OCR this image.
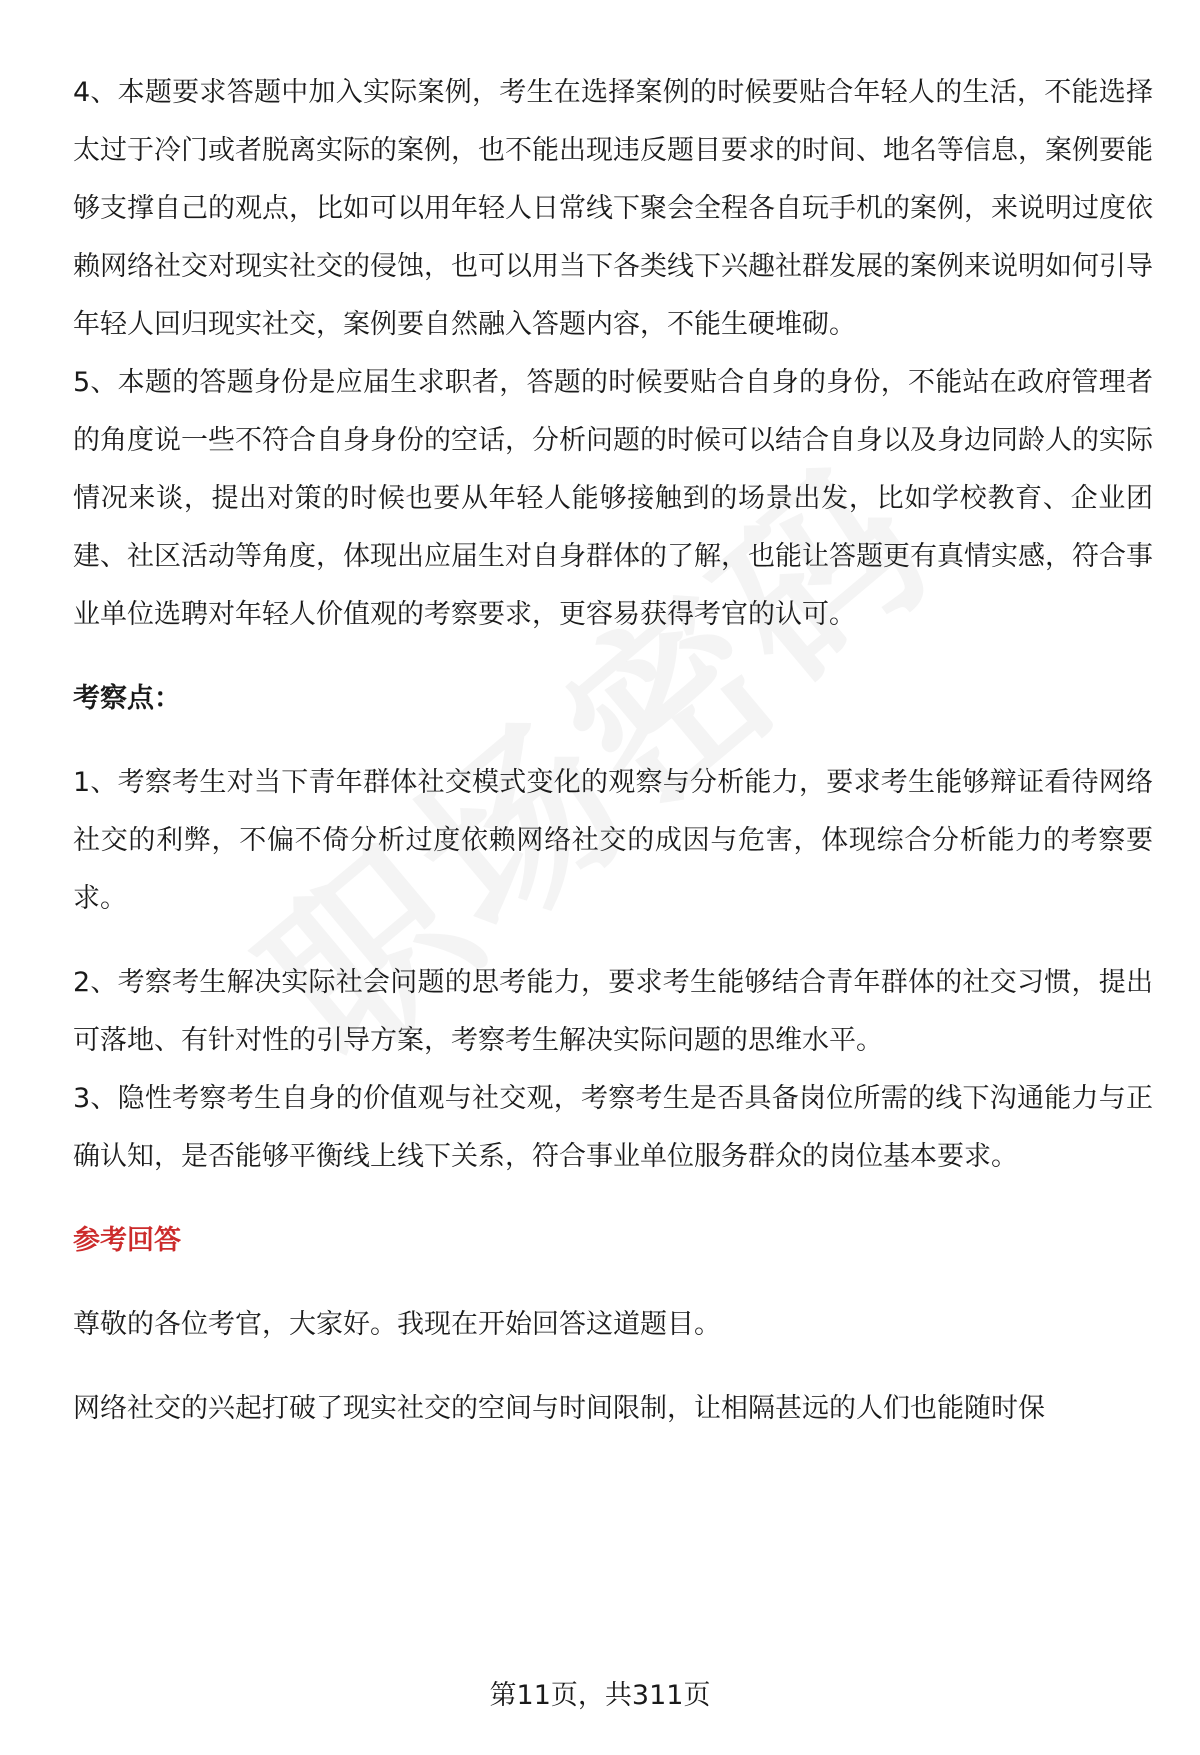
4、本题要求答题中加入实际案例，考生在选择案例的时候要贴合年轻人的生活，不能选择太过于冷门或者脱离实际的案例，也不能出现违反题目要求的时间、地名等信息，案例要能够支撑自己的观点，比如可以用年轻人日常线下聚会全程各自玩手机的案例，来说明过度依赖网络社交对现实社交的侵蚀，也可以用当下各类线下兴趣社群发展的案例来说明如何引导年轻人回归现实社交，案例要自然融入答题内容，不能生硬堆砌。

5、本题的答题身份是应届生求职者，答题的时候要贴合自身的身份，不能站在政府管理者的角度说一些不符合自身身份的空话，分析问题的时候可以结合自身以及身边同龄人的实际情况来谈，提出对策的时候也要从年轻人能够接触到的场景出发，比如学校教育、企业团建、社区活动等角度，体现出应届生对自身群体的了解，也能让答题更有真情实感，符合事业单位选聘对年轻人价值观的考察要求，更容易获得考官的认可。

考察点：

1、考察考生对当下青年群体社交模式变化的观察与分析能力，要求考生能够辩证看待网络社交的利弊，不偏不倚分析过度依赖网络社交的成因与危害，体现综合分析能力的考察要求。

2、考察考生解决实际社会问题的思考能力，要求考生能够结合青年群体的社交习惯，提出可落地、有针对性的引导方案，考察考生解决实际问题的思维水平。

3、隐性考察考生自身的价值观与社交观，考察考生是否具备岗位所需的线下沟通能力与正确认知，是否能够平衡线上线下关系，符合事业单位服务群众的岗位基本要求。

参考回答

尊敬的各位考官，大家好。我现在开始回答这道题目。

网络社交的兴起打破了现实社交的空间与时间限制，让相隔甚远的人们也能随时保

第11页，共311页
